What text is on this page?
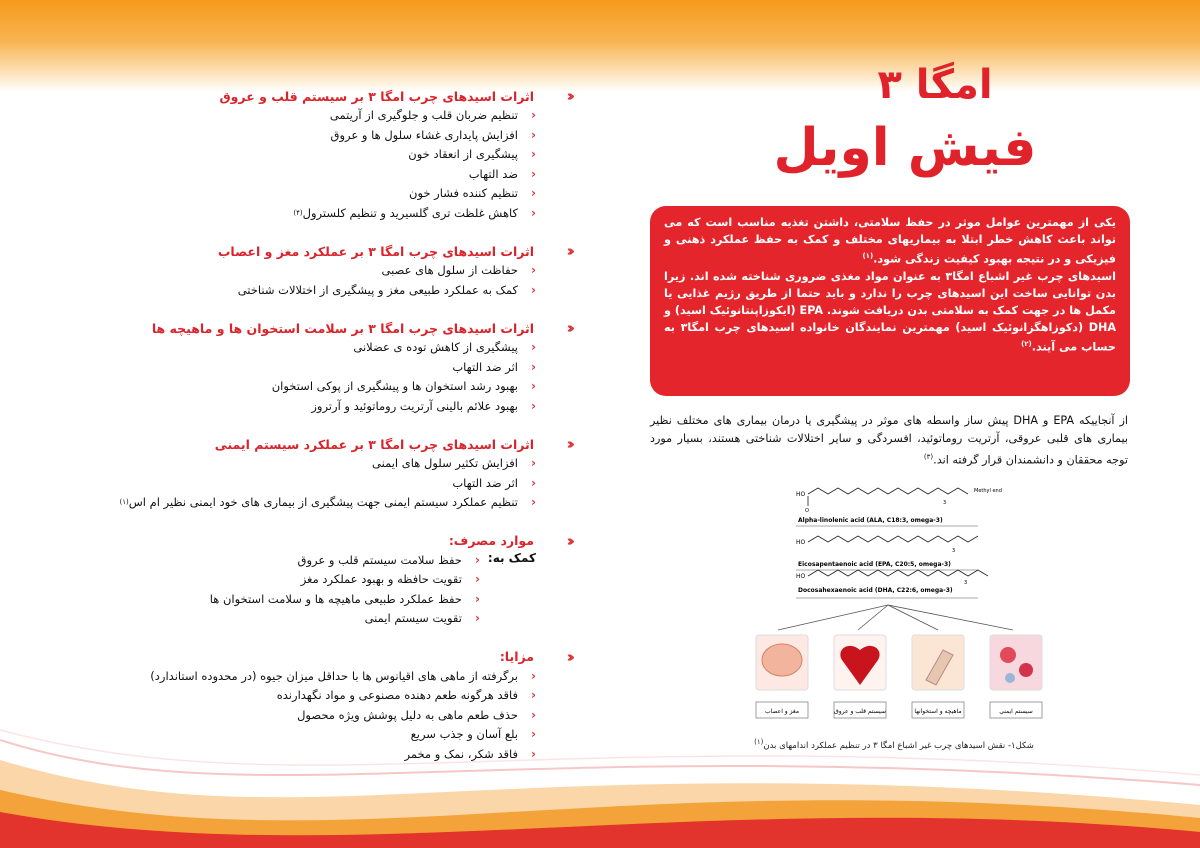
‹‹‹
اثرات اسیدهای چرب امگا ۳ بر سیستم قلب و عروق
‹
تنظیم ضربان قلب و جلوگیری از آریتمی
‹
افزایش پایداری غشاء سلول ها و عروق
‹
پیشگیری از انعقاد خون
‹
ضد التهاب
‹
تنظیم کننده فشار خون
‹
کاهش غلظت تری گلسیرید و تنظیم کلسترول
(۴)
‹‹‹
اثرات اسیدهای چرب امگا ۳ بر عملکرد مغز و اعصاب
‹
حفاظت از سلول های عصبی
‹
کمک به عملکرد طبیعی مغز و پیشگیری از اختلالات شناختی
‹‹‹
اثرات اسیدهای چرب امگا ۳ بر سلامت استخوان ها و ماهیچه ها
‹
پیشگیری از کاهش توده ی عضلانی
‹
اثر ضد التهاب
‹
بهبود رشد استخوان ها و پیشگیری از پوکی استخوان
‹
بهبود علائم بالینی آرتریت روماتوئید و آرتروز
‹‹‹
اثرات اسیدهای چرب امگا ۳ بر عملکرد سیستم ایمنی
‹
افزایش تکثیر سلول های ایمنی
‹
اثر ضد التهاب
‹
تنظیم عملکرد سیستم ایمنی جهت پیشگیری از بیماری های خود ایمنی نظیر ام اس
(۱)
‹‹‹
موارد مصرف:
کمک به:
‹
حفظ سلامت سیستم قلب و عروق
‹
تقویت حافظه و بهبود عملکرد مغز
‹
حفظ عملکرد طبیعی ماهیچه ها و سلامت استخوان ها
‹
تقویت سیستم ایمنی
‹‹‹
مزایا:
‹
برگرفته از ماهی های اقیانوس ها با حداقل میزان جیوه (در محدوده استاندارد)
‹
فاقد هرگونه طعم دهنده مصنوعی و مواد نگهدارنده
‹
حذف طعم ماهی به دلیل پوشش ویژه محصول
‹
بلع آسان و جذب سریع
‹
فاقد شکر، نمک و مخمر
امگا ۳
فیش اویل
یکی از مهمترین عوامل موثر در حفظ سلامتی، داشتن تغذیه مناسب است که می تواند باعث کاهش خطر ابتلا به بیماریهای مختلف و کمک به حفظ عملکرد ذهنی و فیزیکی و در نتیجه بهبود کیفیت زندگی شود.$^{(۱)}$
اسیدهای چرب غیر اشباع امگا۳ به عنوان مواد مغذی ضروری شناخته شده اند. زیرا بدن توانایی ساخت این اسیدهای چرب را ندارد و باید حتما از طریق رژیم غذایی یا مکمل ها در جهت کمک به سلامتی بدن دریافت شوند. EPA (ایکوزاپنتانوئیک اسید) و DHA (دکوزاهگزانوئیک اسید) مهمترین نمایندگان خانواده اسیدهای چرب امگا۳ به حساب می آیند.$^{(۲)}$
از آنجاییکه EPA و DHA پیش ساز واسطه های موثر در پیشگیری یا درمان بیماری های مختلف نظیر بیماری های قلبی عروقی، آرتریت روماتوئید، افسردگی و سایر اختلالات شناختی هستند، بسیار مورد توجه محققان و دانشمندان قرار گرفته اند.$^{(۳)}$
HO
O
3
Methyl end
Alpha-linolenic acid (ALA, C18:3, omega-3)
HO
3
Eicosapentaenoic acid (EPA, C20:5, omega-3)
HO
3
Docosahexaenoic acid (DHA, C22:6, omega-3)
مغز و اعصاب	سیستم قلب و عروق	ماهیچه و استخوانها	سیستم ایمنی
شکل۱- نقش اسیدهای چرب غیر اشباع امگا ۳ در تنظیم عملکرد اندامهای بدن$^{(۱)}$
